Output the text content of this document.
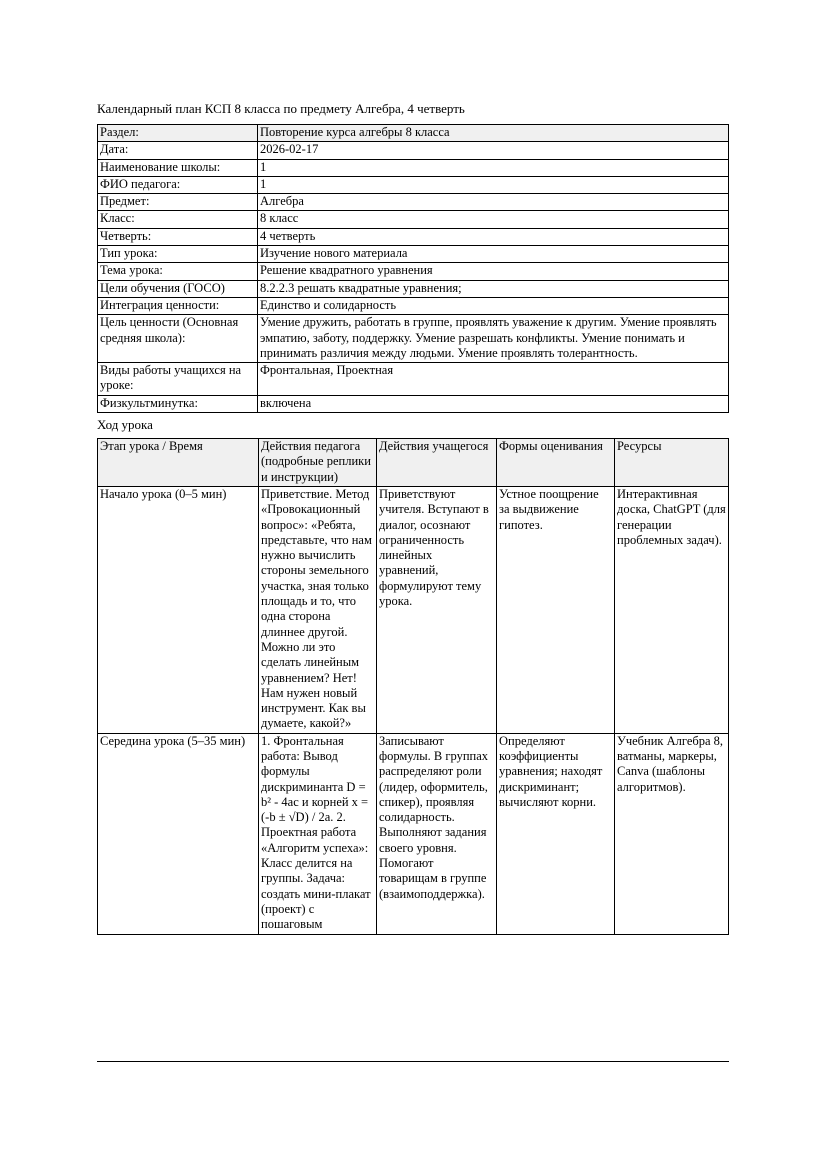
Календарный план КСП 8 класса по предмету Алгебра, 4 четверть
Раздел:	Повторение курса алгебры 8 класса
Дата:	2026-02-17
Наименование школы:	1
ФИО педагога:	1
Предмет:	Алгебра
Класс:	8 класс
Четверть:	4 четверть
Тип урока:	Изучение нового материала
Тема урока:	Решение квадратного уравнения
Цели обучения (ГОСО)	8.2.2.3 решать квадратные уравнения;
Интеграция ценности:	Единство и солидарность
Цель ценности (Основная средняя школа):	Умение дружить, работать в группе, проявлять уважение к другим. Умение проявлять эмпатию, заботу, поддержку. Умение разрешать конфликты. Умение понимать и принимать различия между людьми. Умение проявлять толерантность.
Виды работы учащихся на уроке:	Фронтальная, Проектная
Физкультминутка:	включена
Ход урока
Этап урока / Время	Действия педагога (подробные реплики и инструкции)	Действия учащегося	Формы оценивания	Ресурсы
Начало урока (0–5 мин)	Приветствие. Метод «Провокационный вопрос»: «Ребята, представьте, что нам нужно вычислить стороны земельного участка, зная только площадь и то, что одна сторона длиннее другой. Можно ли это сделать линейным уравнением? Нет! Нам нужен новый инструмент. Как вы думаете, какой?»	Приветствуют учителя. Вступают в диалог, осознают ограниченность линейных уравнений, формулируют тему урока.	Устное поощрение за выдвижение гипотез.	Интерактивная доска, ChatGPT (для генерации проблемных задач).
Середина урока (5–35 мин)	1. Фронтальная работа: Вывод формулы дискриминанта D = b² - 4ac и корней x = (-b ± √D) / 2a. 2. Проектная работа «Алгоритм успеха»: Класс делится на группы. Задача: создать мини-плакат (проект) с пошаговым	Записывают формулы. В группах распределяют роли (лидер, оформитель, спикер), проявляя солидарность. Выполняют задания своего уровня. Помогают товарищам в группе (взаимоподдержка).	Определяют коэффициенты уравнения; находят дискриминант; вычисляют корни.	Учебник Алгебра 8, ватманы, маркеры, Canva (шаблоны алгоритмов).
